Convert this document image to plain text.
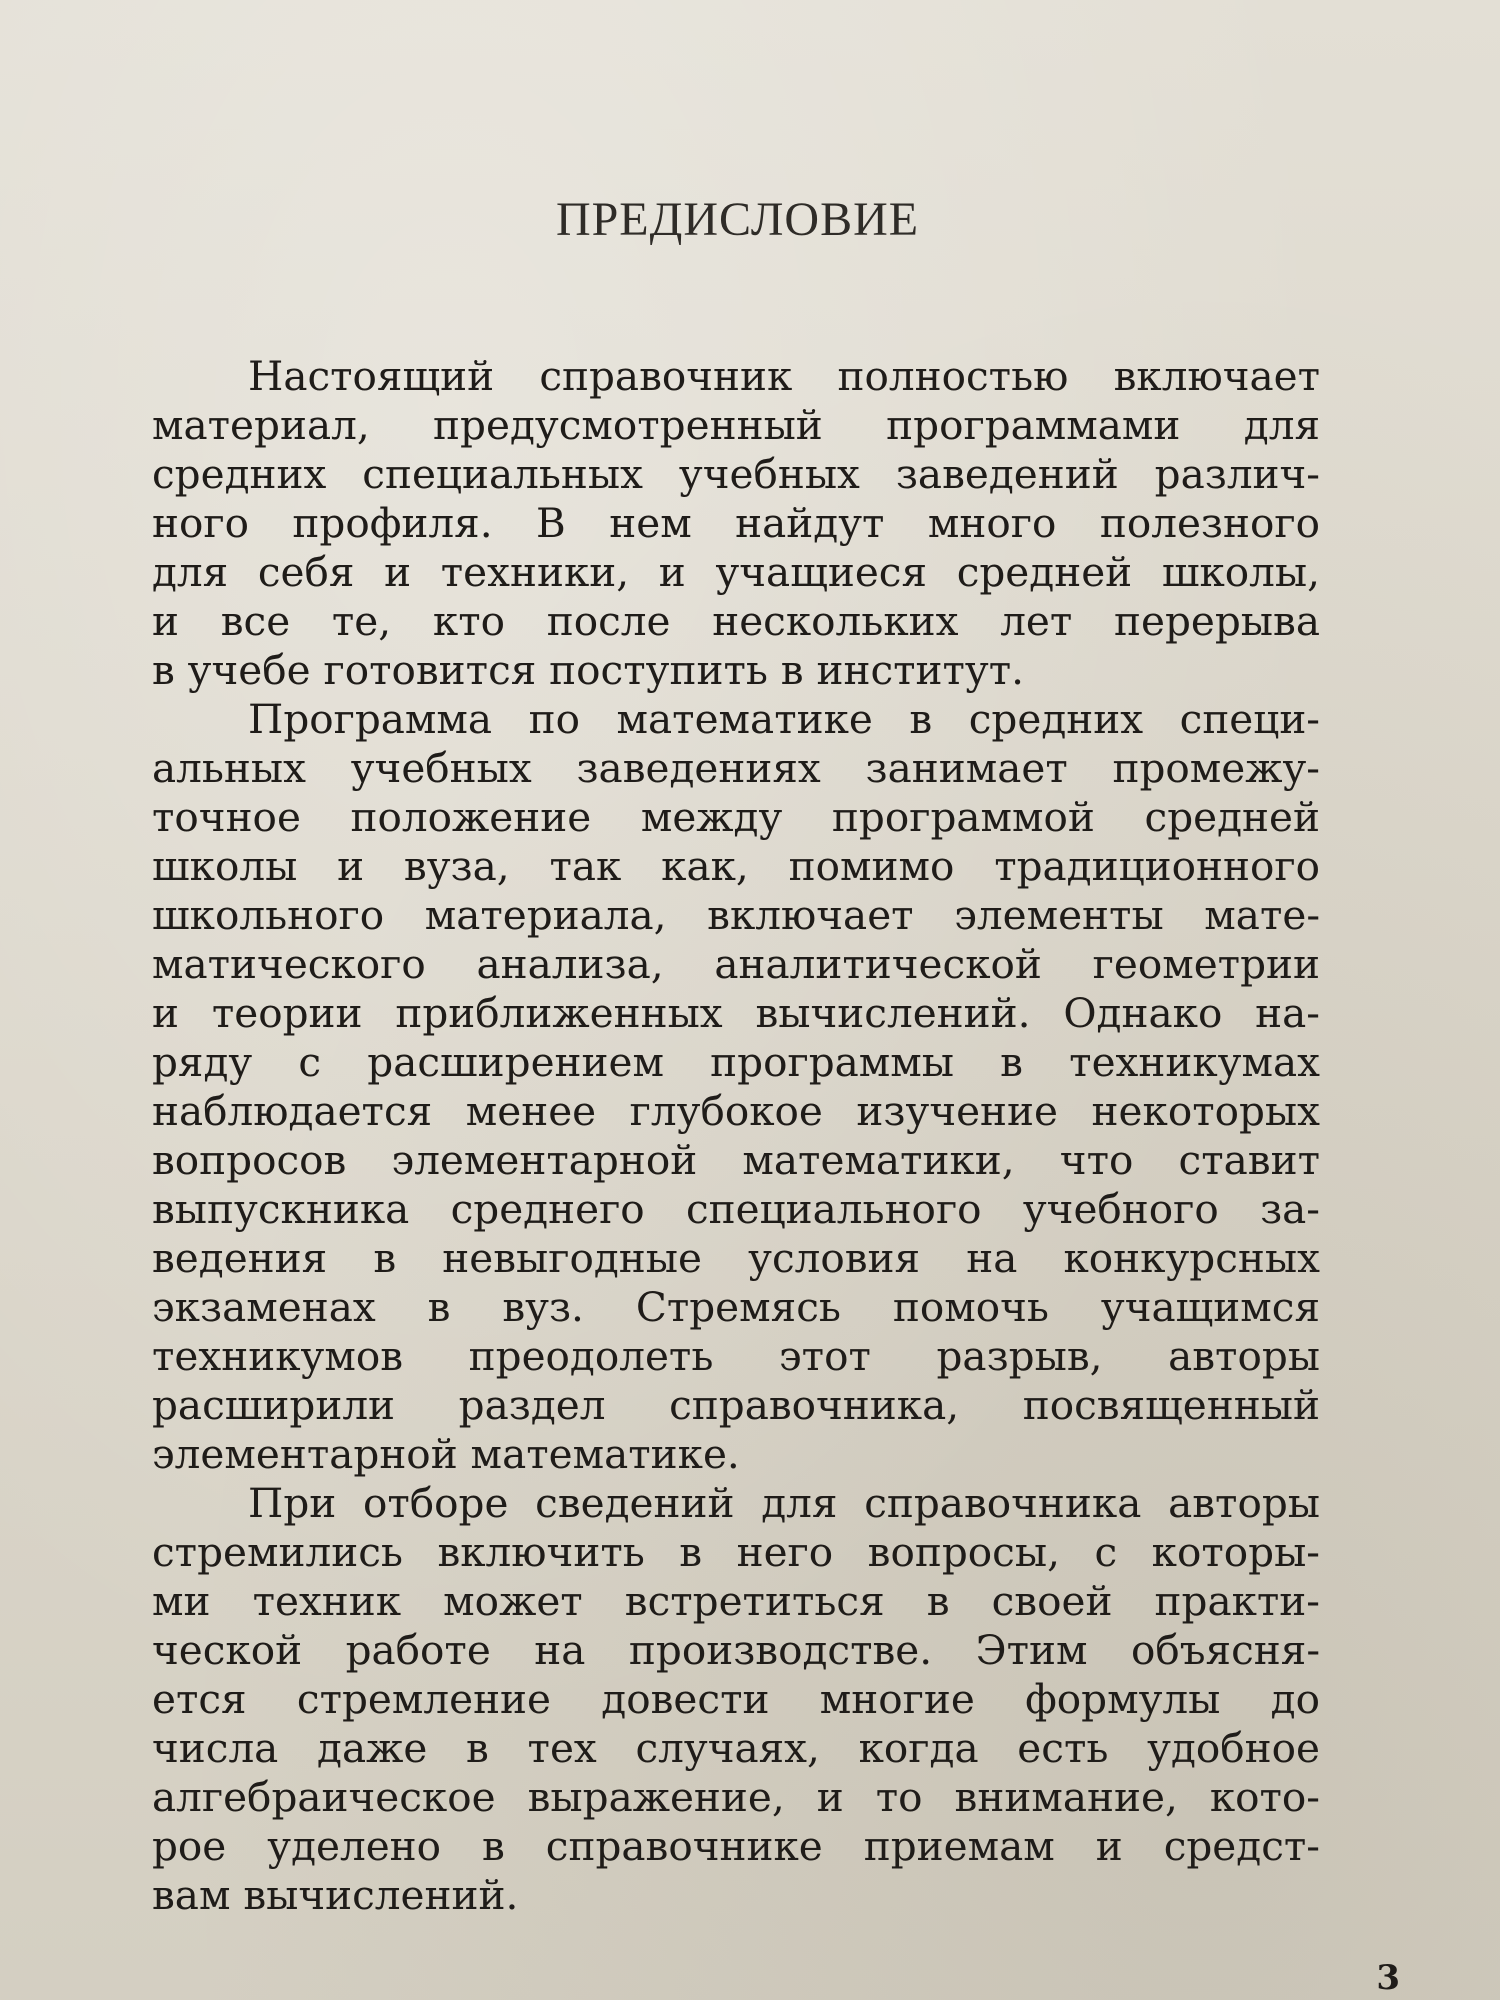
ПРЕДИСЛОВИЕ
Настоящий справочник полностью включает
материал, предусмотренный программами для
средних специальных учебных заведений различ-
ного профиля. В нем найдут много полезного
для себя и техники, и учащиеся средней школы,
и все те, кто после нескольких лет перерыва
в учебе готовится поступить в институт.
Программа по математике в средних специ-
альных учебных заведениях занимает промежу-
точное положение между программой средней
школы и вуза, так как, помимо традиционного
школьного материала, включает элементы мате-
матического анализа, аналитической геометрии
и теории приближенных вычислений. Однако на-
ряду с расширением программы в техникумах
наблюдается менее глубокое изучение некоторых
вопросов элементарной математики, что ставит
выпускника среднего специального учебного за-
ведения в невыгодные условия на конкурсных
экзаменах в вуз. Стремясь помочь учащимся
техникумов преодолеть этот разрыв, авторы
расширили раздел справочника, посвященный
элементарной математике.
При отборе сведений для справочника авторы
стремились включить в него вопросы, с которы-
ми техник может встретиться в своей практи-
ческой работе на производстве. Этим объясня-
ется стремление довести многие формулы до
числа даже в тех случаях, когда есть удобное
алгебраическое выражение, и то внимание, кото-
рое уделено в справочнике приемам и средст-
вам вычислений.
3
